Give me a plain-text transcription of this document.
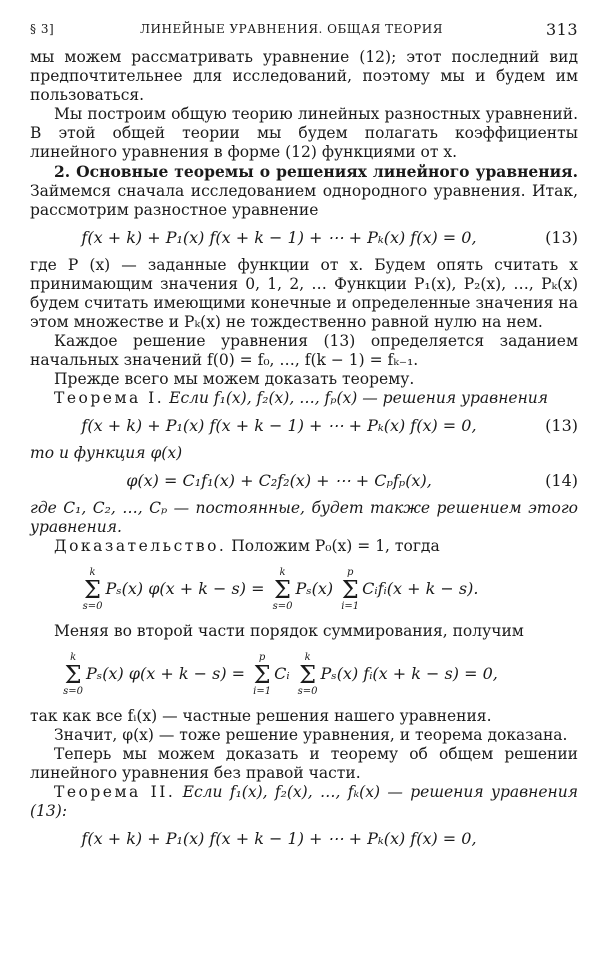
§ 3]	ЛИНЕЙНЫЕ УРАВНЕНИЯ. ОБЩАЯ ТЕОРИЯ	313

мы можем рассматривать уравнение (12); этот последний вид предпочтительнее для исследований, поэтому мы и будем им пользоваться.

Мы построим общую теорию линейных разностных уравнений. В этой общей теории мы будем полагать коэффициенты линейного уравнения в форме (12) функциями от x.

2. Основные теоремы о решениях линейного уравнения. Займемся сначала исследованием однородного уравнения. Итак, рассмотрим разностное уравнение

f(x + k) + P₁(x) f(x + k − 1) + ⋯ + Pₖ(x) f(x) = 0,	(13)

где P (x) — заданные функции от x. Будем опять считать x принимающим значения 0, 1, 2, … Функции P₁(x), P₂(x), …, Pₖ(x) будем считать имеющими конечные и определенные значения на этом множестве и Pₖ(x) не тождественно равной нулю на нем.

Каждое решение уравнения (13) определяется заданием начальных значений f(0) = f₀, …, f(k − 1) = fₖ₋₁.

Прежде всего мы можем доказать теорему.

Теорема I. Если f₁(x), f₂(x), …, fₚ(x) — решения уравнения

f(x + k) + P₁(x) f(x + k − 1) + ⋯ + Pₖ(x) f(x) = 0,	(13)

то и функция φ(x)

φ(x) = C₁f₁(x) + C₂f₂(x) + ⋯ + Cₚfₚ(x),	(14)

где C₁, C₂, …, Cₚ — постоянные, будет также решением этого уравнения.

Доказательство. Положим P₀(x) = 1, тогда

k
Σ
s=0
Pₛ(x) φ(x + k − s) =
k
Σ
s=0
Pₛ(x)
p
Σ
i=1
Cᵢfᵢ(x + k − s).

Меняя во второй части порядок суммирования, получим

k
Σ
s=0
Pₛ(x) φ(x + k − s) =
p
Σ
i=1
Cᵢ
k
Σ
s=0
Pₛ(x) fᵢ(x + k − s) = 0,

так как все fᵢ(x) — частные решения нашего уравнения.

Значит, φ(x) — тоже решение уравнения, и теорема доказана.

Теперь мы можем доказать и теорему об общем решении линейного уравнения без правой части.

Теорема II. Если f₁(x), f₂(x), …, fₖ(x) — решения уравнения (13):

f(x + k) + P₁(x) f(x + k − 1) + ⋯ + Pₖ(x) f(x) = 0,
